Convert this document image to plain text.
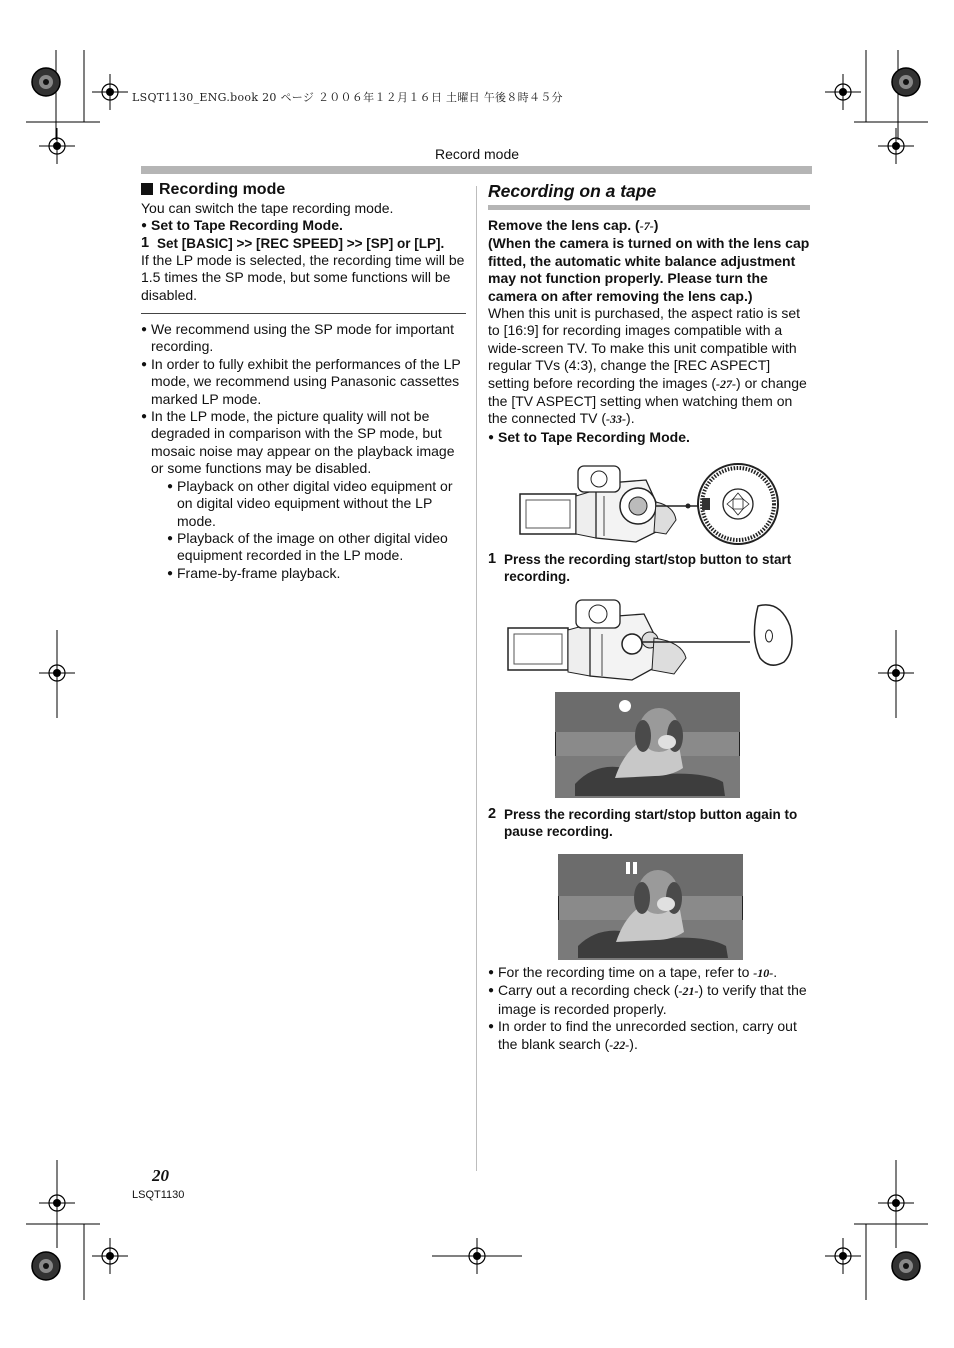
LSQT1130_ENG.book 20 ページ ２００６年１２月１６日 土曜日 午後８時４５分
Record mode
Recording mode

You can switch the tape recording mode.

● Set to Tape Recording Mode.
1 Set [BASIC] >> [REC SPEED] >> [SP] or [LP].

If the LP mode is selected, the recording time will be 1.5 times the SP mode, but some functions will be disabled.

● We recommend using the SP mode for important recording.
● In order to fully exhibit the performances of the LP mode, we recommend using Panasonic cassettes marked LP mode.
● In the LP mode, the picture quality will not be degraded in comparison with the SP mode, but mosaic noise may appear on the playback image or some functions may be disabled.
● Playback on other digital video equipment or on digital video equipment without the LP mode.
● Playback of the image on other digital video equipment recorded in the LP mode.
● Frame-by-frame playback.
Recording on a tape

Remove the lens cap. (-7-)

(When the camera is turned on with the lens cap fitted, the automatic white balance adjustment may not function properly. Please turn the camera on after removing the lens cap.)

When this unit is purchased, the aspect ratio is set to [16:9] for recording images compatible with a wide-screen TV. To make this unit compatible with regular TVs (4:3), change the [REC ASPECT] setting before recording the images (-27-) or change the [TV ASPECT] setting when watching them on the connected TV (-33-).

● Set to Tape Recording Mode.
1 Press the recording start/stop button to start recording.
2 Press the recording start/stop button again to pause recording.
● For the recording time on a tape, refer to -10-.
● Carry out a recording check (-21-) to verify that the image is recorded properly.
● In order to find the unrecorded section, carry out the blank search (-22-).
20
LSQT1130
